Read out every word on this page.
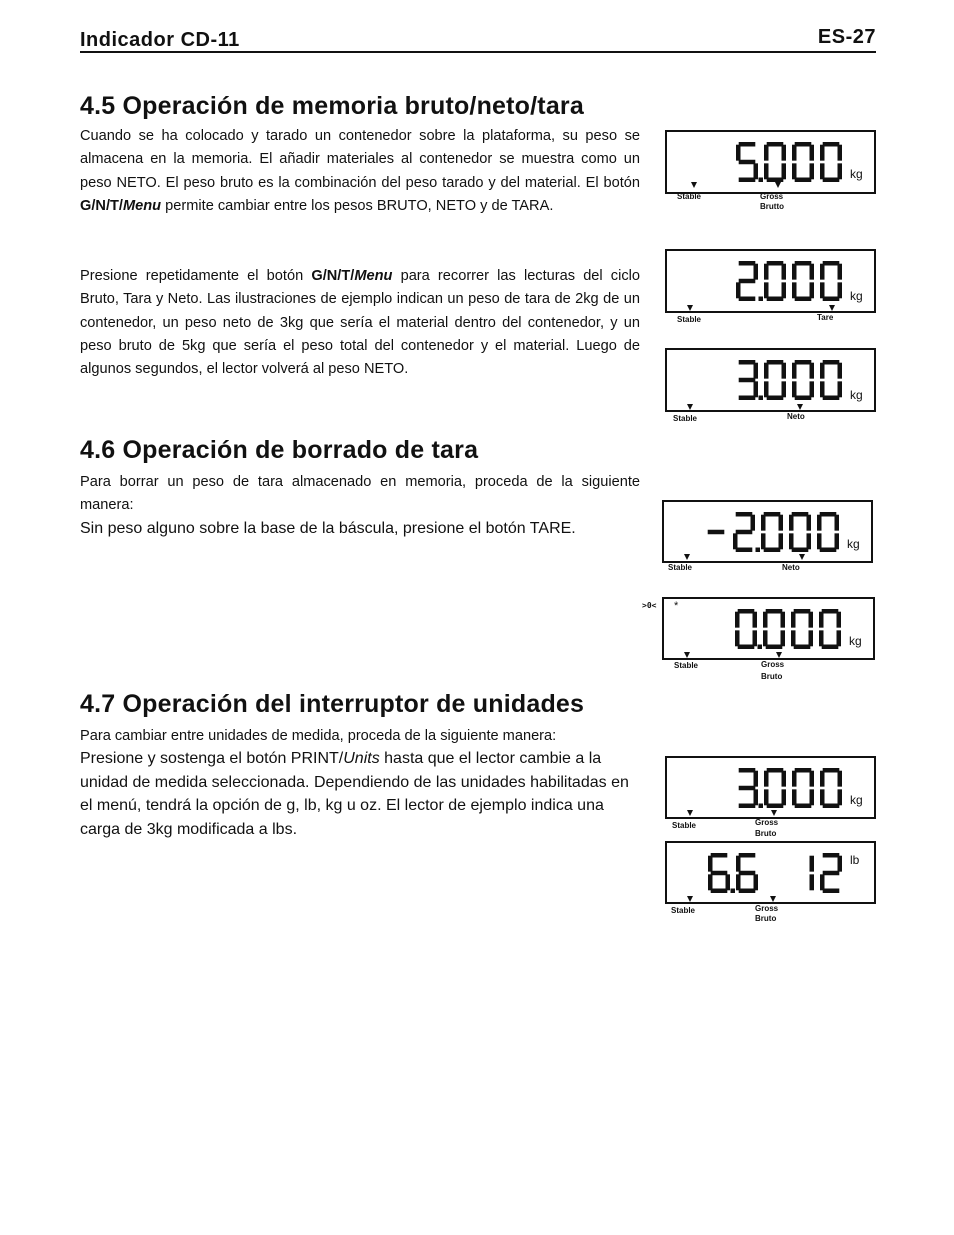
Indicador CD-11	ES-27
4.5 Operación de memoria bruto/neto/tara
Cuando se ha colocado y tarado un contenedor sobre la plataforma, su peso se almacena en la memoria. El añadir materiales al contenedor se muestra como un peso NETO. El peso bruto es la combinación del peso tarado y del material. El botón G/N/T/Menu permite cambiar entre los pesos BRUTO, NETO y de TARA.
Presione repetidamente el botón G/N/T/Menu para recorrer las lecturas del ciclo Bruto, Tara y Neto. Las ilustraciones de ejemplo indican un peso de tara de 2kg de un contenedor, un peso neto de 3kg que sería el material dentro del contenedor, y un peso bruto de 5kg que sería el peso total del contenedor y el material. Luego de algunos segundos, el lector volverá al peso NETO.
4.6 Operación de borrado de tara
Para borrar un peso de tara almacenado en memoria, proceda de la siguiente manera:
Sin peso alguno sobre la base de la báscula, presione el botón TARE.
4.7 Operación del interruptor de unidades
Para cambiar entre unidades de medida, proceda de la siguiente manera:
Presione y sostenga el botón PRINT/Units hasta que el lector cambie a la unidad de medida seleccionada. Dependiendo de las unidades habilitadas en el menú, tendrá la opción de g, lb, kg u oz. El lector de ejemplo indica una carga de 3kg modificada a lbs.
kg
Stable	Gross
Brutto
kg
Stable	Tare
kg
Stable	Neto
kg
Stable	Neto
kg
*
Stable	Gross
Bruto
>0<
kg
Stable	Gross
Bruto
lb
Stable	Gross
Bruto
